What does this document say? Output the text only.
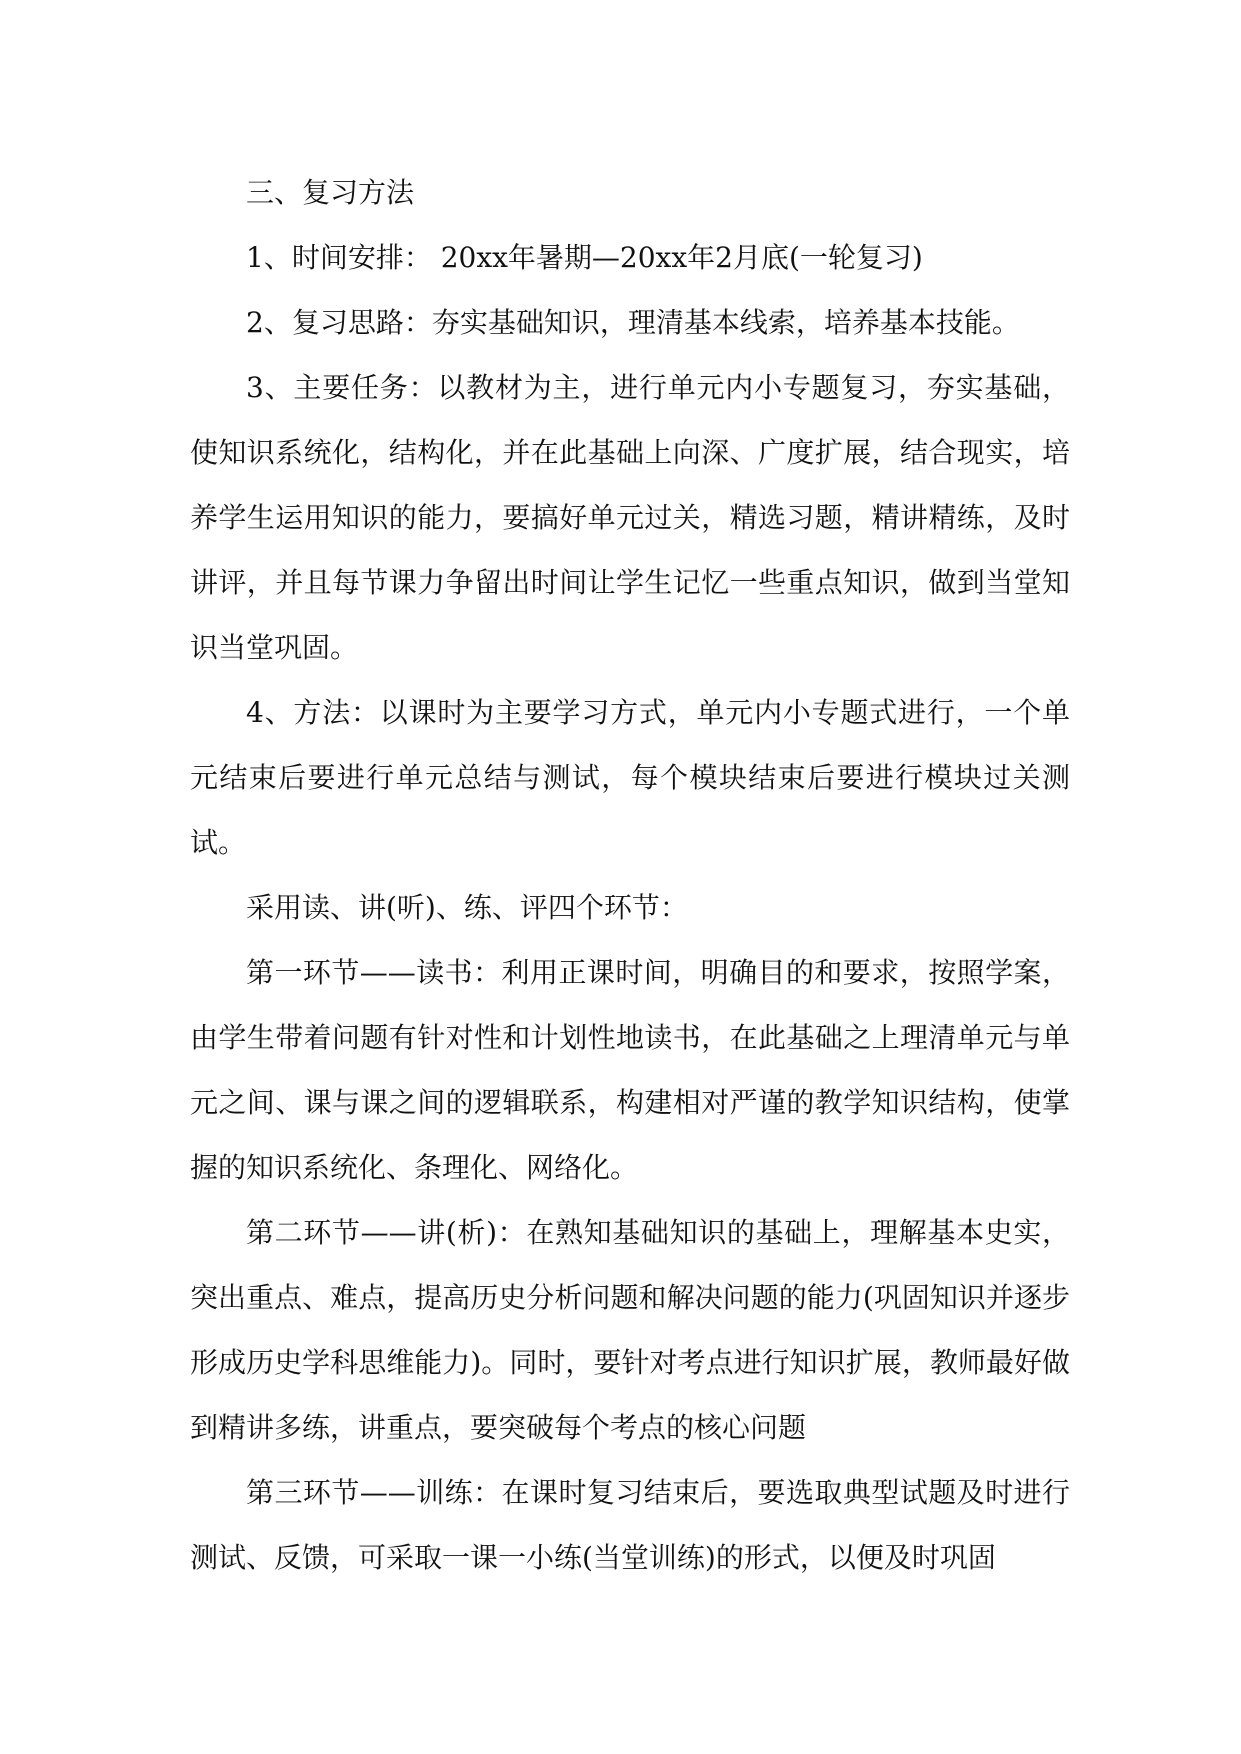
三、复习方法

1、时间安排： 20xx年暑期—20xx年2月底(一轮复习)

2、复习思路：夯实基础知识，理清基本线索，培养基本技能。

3、主要任务：以教材为主，进行单元内小专题复习，夯实基础，使知识系统化，结构化，并在此基础上向深、广度扩展，结合现实，培养学生运用知识的能力，要搞好单元过关，精选习题，精讲精练，及时讲评，并且每节课力争留出时间让学生记忆一些重点知识，做到当堂知识当堂巩固。

4、方法：以课时为主要学习方式，单元内小专题式进行，一个单元结束后要进行单元总结与测试，每个模块结束后要进行模块过关测试。

采用读、讲(听)、练、评四个环节：

第一环节——读书：利用正课时间，明确目的和要求，按照学案，由学生带着问题有针对性和计划性地读书，在此基础之上理清单元与单元之间、课与课之间的逻辑联系，构建相对严谨的教学知识结构，使掌握的知识系统化、条理化、网络化。

第二环节——讲(析)：在熟知基础知识的基础上，理解基本史实，突出重点、难点，提高历史分析问题和解决问题的能力(巩固知识并逐步形成历史学科思维能力)。同时，要针对考点进行知识扩展，教师最好做到精讲多练，讲重点，要突破每个考点的核心问题

第三环节——训练：在课时复习结束后，要选取典型试题及时进行测试、反馈，可采取一课一小练(当堂训练)的形式，以便及时巩固
